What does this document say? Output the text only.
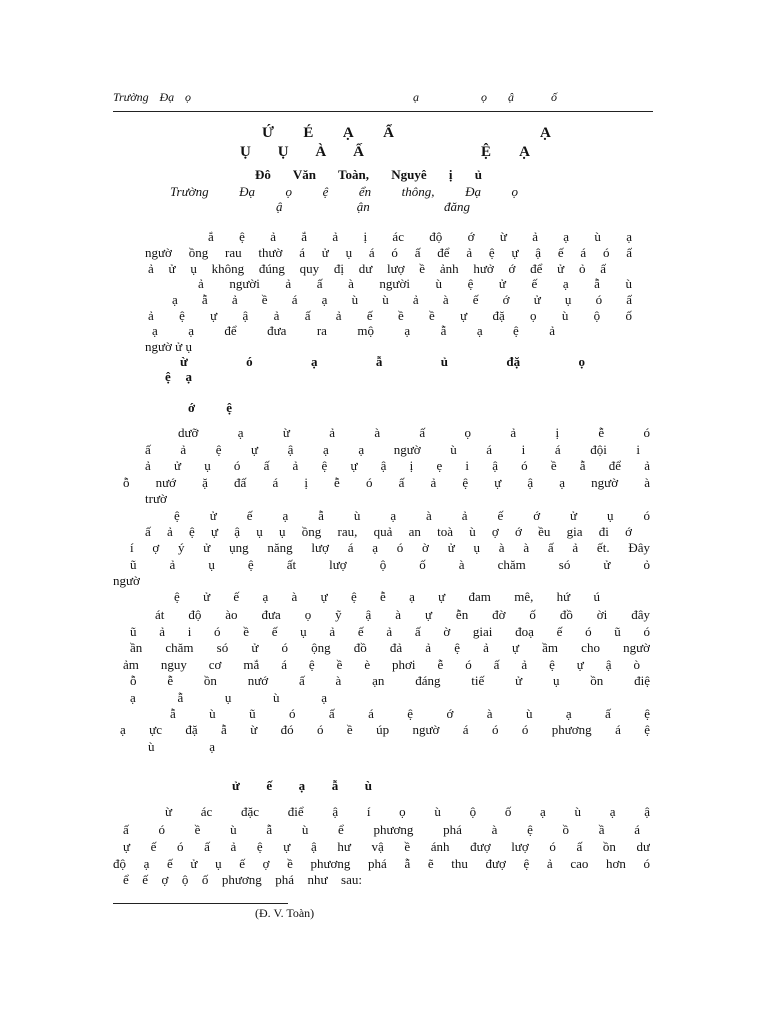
Trường Đạ ọ	ạ	ọ ậ	ố
Ứ É Ạ Ẩ	Ạ
Ụ Ụ À Ấ	Ệ Ạ
Đô Văn Toàn, Nguyê ị ủ
Trường Đạ ọ ệ ển thông, Đạ ọ
ậ ận đăng
ắ ệ ả ắ ả ị ác độ ớ ừ ả ạ ù ạ
ngườ ồng rau thườ á ử ụ á ó ấ để ả ệ ự ậ ế á ó ấ
ả ử ụ không đúng quy đị dư lượ ề ảnh hưở ớ để ử ỏ ấ
ả người ả ấ à người ù ệ ử ế ạ ẫ ù
ạ ẫ ả ề á ạ ù ù ả à ế ớ ử ụ ó ấ
ả ệ ự ậ ả ấ ả ế ề ề ự đặ ọ ù ộ ố
ạ ạ để đưa ra mộ ạ ẫ ạ ệ ả
ngườ ử ụ
ừ ó ạ ẫ ủ đặ ọ
ệ ạ
ớ ệ
dưỡ ạ ừ ả à ấ ọ ả ị ễ ó
ấ ả ệ ự ậ ạ ạ ngườ ù á i á đội i
ả ử ụ ó ấ ả ệ ự ậ ị ẹ i ậ ó ề ẫ để ả
ỗ nướ ặ đấ á ị ễ ó ấ ả ệ ự ậ ạ ngườ à
trườ
ệ ử ế ạ ẫ ù ạ à ả ế ớ ử ụ ó
ấ ả ệ ự ậ ụ ụ ồng rau, quả an toà ù ợ ớ ều gia đi ớ
í ợ ý ử ụng năng lượ á ạ ó ờ ử ụ à à ấ ả ết. Đây
ũ ả ụ ệ ất lượ ộ ố à chăm só ử ỏ
ngườ
ệ ử ế ạ à ự ệ ễ ạ ự đam mê, hứ ú
át độ ào đưa ọ ỹ ậ à ự ễn đờ ố đồ ời đây
ũ ả i ó ề ế ụ ả ế ả ấ ờ giai đoạ ế ó ũ ó
ần chăm só ử ó ộng đồ đả ả ệ ả ự ầm cho ngườ
ảm nguy cơ mắ á ệ ề è phơi ễ ó ấ ả ệ ự ậ ò
ỗ ễ ồn nướ ấ à ạn đáng tiế ử ụ ồn điệ
ạ ẫ ụ ù ạ
ẫ ù ũ ó ấ á ệ ớ à ù ạ ấ ệ
ạ ực đặ ẫ ừ đó ó ề úp ngườ á ó ó phương á ệ
ù ạ
ử ế ạ ẫ ù
ừ ác đặc điể ậ í ọ ù ộ ố ạ ù ạ ậ
ấ ó ề ù ẫ ù ể phương phá à ệ ồ ầ á
ự ế ó ấ ả ệ ự ậ hư vậ ề ánh đượ lượ ó ấ ồn dư
độ ạ ế ử ụ ế ợ ề phương phá ẫ ẽ thu đượ ệ ả cao hơn ó
ể ế ợ ộ ố phương phá như sau:
(Đ. V. Toàn)
